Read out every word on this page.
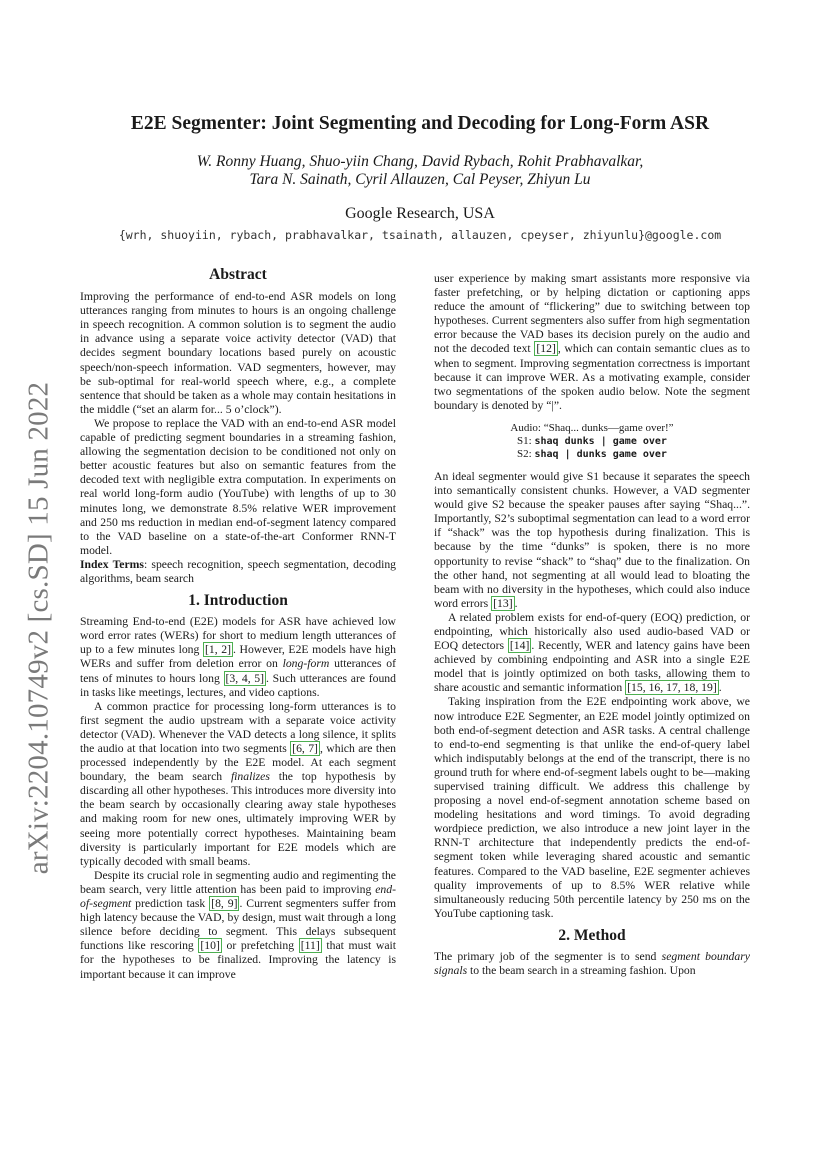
arXiv:2204.10749v2 [cs.SD] 15 Jun 2022
E2E Segmenter: Joint Segmenting and Decoding for Long-Form ASR
W. Ronny Huang, Shuo-yiin Chang, David Rybach, Rohit Prabhavalkar,
Tara N. Sainath, Cyril Allauzen, Cal Peyser, Zhiyun Lu
Google Research, USA
{wrh, shuoyiin, rybach, prabhavalkar, tsainath, allauzen, cpeyser, zhiyunlu}@google.com
Abstract

Improving the performance of end-to-end ASR models on long utterances ranging from minutes to hours is an ongoing challenge in speech recognition. A common solution is to segment the audio in advance using a separate voice activity detector (VAD) that decides segment boundary locations based purely on acoustic speech/non-speech information. VAD segmenters, however, may be sub-optimal for real-world speech where, e.g., a complete sentence that should be taken as a whole may contain hesitations in the middle (“set an alarm for... 5 o’clock”).

We propose to replace the VAD with an end-to-end ASR model capable of predicting segment boundaries in a streaming fashion, allowing the segmentation decision to be conditioned not only on better acoustic features but also on semantic features from the decoded text with negligible extra computation. In experiments on real world long-form audio (YouTube) with lengths of up to 30 minutes long, we demonstrate 8.5% relative WER improvement and 250 ms reduction in median end-of-segment latency compared to the VAD baseline on a state-of-the-art Conformer RNN-T model.

Index Terms: speech recognition, speech segmentation, decoding algorithms, beam search

1. Introduction

Streaming End-to-end (E2E) models for ASR have achieved low word error rates (WERs) for short to medium length utterances of up to a few minutes long [1, 2] . However, E2E models have high WERs and suffer from deletion error on long-form utterances of tens of minutes to hours long [3, 4, 5] . Such utterances are found in tasks like meetings, lectures, and video captions.

A common practice for processing long-form utterances is to first segment the audio upstream with a separate voice activity detector (VAD). Whenever the VAD detects a long silence, it splits the audio at that location into two segments [6, 7] , which are then processed independently by the E2E model. At each segment boundary, the beam search finalizes the top hypothesis by discarding all other hypotheses. This introduces more diversity into the beam search by occasionally clearing away stale hypotheses and making room for new ones, ultimately improving WER by seeing more potentially correct hypotheses. Maintaining beam diversity is particularly important for E2E models which are typically decoded with small beams.

Despite its crucial role in segmenting audio and regimenting the beam search, very little attention has been paid to improving end-of-segment prediction task [8, 9] . Current segmenters suffer from high latency because the VAD, by design, must wait through a long silence before deciding to segment. This delays subsequent functions like rescoring [10] or prefetching [11] that must wait for the hypotheses to be finalized. Improving the latency is important because it can improve

user experience by making smart assistants more responsive via faster prefetching, or by helping dictation or captioning apps reduce the amount of “flickering” due to switching between top hypotheses. Current segmenters also suffer from high segmentation error because the VAD bases its decision purely on the audio and not the decoded text [12] , which can contain semantic clues as to when to segment. Improving segmentation correctness is important because it can improve WER. As a motivating example, consider two segmentations of the spoken audio below. Note the segment boundary is denoted by “|”.

Audio: “Shaq... dunks—game over!”
S1: shaq dunks | game over
S2: shaq | dunks game over

An ideal segmenter would give S1 because it separates the speech into semantically consistent chunks. However, a VAD segmenter would give S2 because the speaker pauses after saying “Shaq...”. Importantly, S2’s suboptimal segmentation can lead to a word error if “shack” was the top hypothesis during finalization. This is because by the time “dunks” is spoken, there is no more opportunity to revise “shack” to “shaq” due to the finalization. On the other hand, not segmenting at all would lead to bloating the beam with no diversity in the hypotheses, which could also induce word errors [13] .

A related problem exists for end-of-query (EOQ) prediction, or endpointing, which historically also used audio-based VAD or EOQ detectors [14] . Recently, WER and latency gains have been achieved by combining endpointing and ASR into a single E2E model that is jointly optimized on both tasks, allowing them to share acoustic and semantic information [15, 16, 17, 18, 19] .

Taking inspiration from the E2E endpointing work above, we now introduce E2E Segmenter, an E2E model jointly optimized on both end-of-segment detection and ASR tasks. A central challenge to end-to-end segmenting is that unlike the end-of-query label which indisputably belongs at the end of the transcript, there is no ground truth for where end-of-segment labels ought to be—making supervised training difficult. We address this challenge by proposing a novel end-of-segment annotation scheme based on modeling hesitations and word timings. To avoid degrading wordpiece prediction, we also introduce a new joint layer in the RNN-T architecture that independently predicts the end-of-segment token while leveraging shared acoustic and semantic features. Compared to the VAD baseline, E2E segmenter achieves quality improvements of up to 8.5% WER relative while simultaneously reducing 50th percentile latency by 250 ms on the YouTube captioning task.

2. Method

The primary job of the segmenter is to send segment boundary signals to the beam search in a streaming fashion. Upon
